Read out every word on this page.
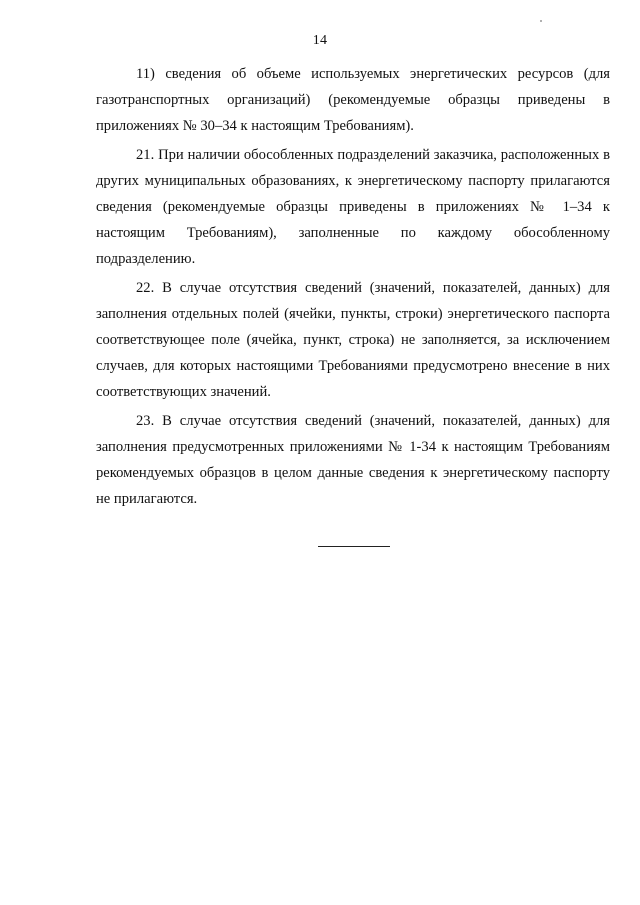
14

11) сведения об объеме используемых энергетических ресурсов (для газотранспортных организаций) (рекомендуемые образцы приведены в приложениях № 30–34 к настоящим Требованиям).

21. При наличии обособленных подразделений заказчика, расположенных в других муниципальных образованиях, к энергетическому паспорту прилагаются сведения (рекомендуемые образцы приведены в приложениях № 1–34 к настоящим Требованиям), заполненные по каждому обособленному подразделению.

22. В случае отсутствия сведений (значений, показателей, данных) для заполнения отдельных полей (ячейки, пункты, строки) энергетического паспорта соответствующее поле (ячейка, пункт, строка) не заполняется, за исключением случаев, для которых настоящими Требованиями предусмотрено внесение в них соответствующих значений.

23. В случае отсутствия сведений (значений, показателей, данных) для заполнения предусмотренных приложениями № 1-34 к настоящим Требованиям рекомендуемых образцов в целом данные сведения к энергетическому паспорту не прилагаются.
